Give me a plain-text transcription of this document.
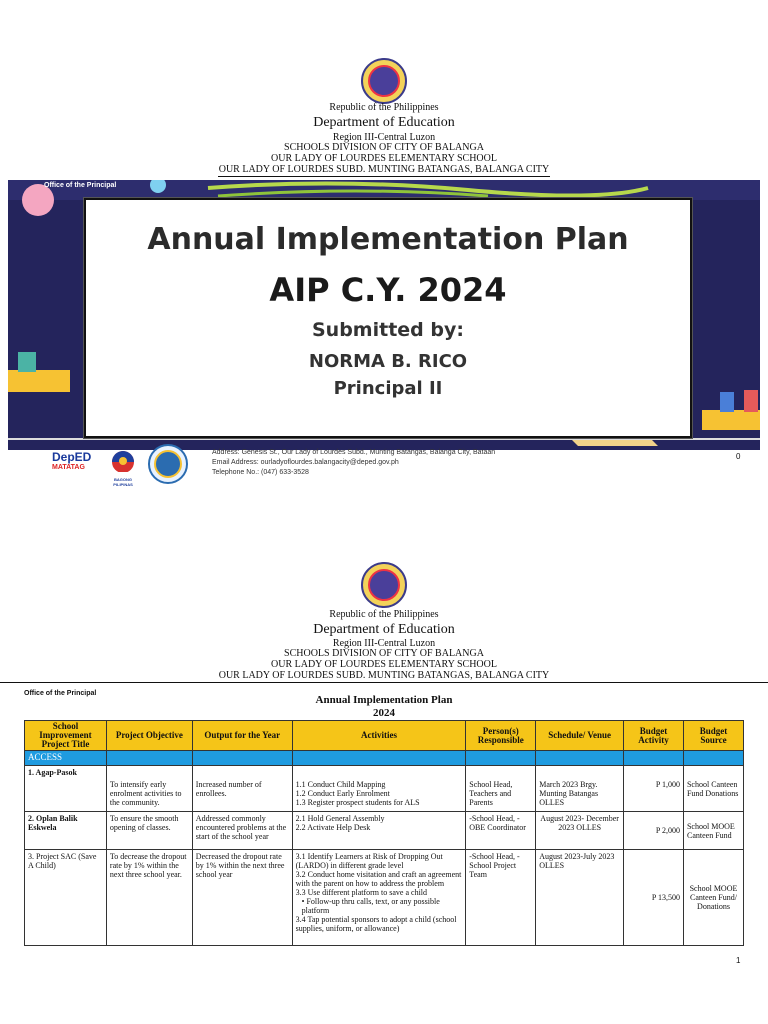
Republic of the Philippines
Department of Education
Region III-Central Luzon
SCHOOLS DIVISION OF CITY OF BALANGA
OUR LADY OF LOURDES ELEMENTARY SCHOOL
OUR LADY OF LOURDES SUBD. MUNTING BATANGAS, BALANGA CITY
Annual Implementation Plan
AIP C.Y. 2024
Submitted by:
NORMA B. RICO
Principal II
Office of the Principal
DepED
MATATAG
BAGONG PILIPINAS
Address: Genesis St., Our Lady of Lourdes Subd., Munting Batangas, Balanga City, Bataan
Email Address: ourladyoflourdes.balangacity@deped.gov.ph
Telephone No.: (047) 633-3528
0
Republic of the Philippines
Department of Education
Region III-Central Luzon
SCHOOLS DIVISION OF CITY OF BALANGA
OUR LADY OF LOURDES ELEMENTARY SCHOOL
OUR LADY OF LOURDES SUBD. MUNTING BATANGAS, BALANGA CITY
Office of the Principal
Annual Implementation Plan
2024
School Improvement Project Title	Project Objective	Output for the Year	Activities	Person(s) Responsible	Schedule/ Venue	Budget Activity	Budget Source
ACCESS							
1. Agap-Pasok	To intensify early enrolment activities to the community.	Increased number of enrollees.	1.1 Conduct Child Mapping
1.2 Conduct Early Enrolment
1.3 Register prospect students for ALS	School Head, Teachers and Parents	March 2023 Brgy. Munting Batangas OLLES	P 1,000	School Canteen Fund Donations

2. Oplan Balik Eskwela	To ensure the smooth opening of classes.	Addressed commonly encountered problems at the start of the school year	2.1 Hold General Assembly
2.2 Activate Help Desk	-School Head, -OBE Coordinator	August 2023- December 2023 OLLES	P 2,000	School MOOE Canteen Fund
3. Project SAC (Save A Child)	To decrease the dropout rate by 1% within the next three school year.	Decreased the dropout rate by 1% within the next three school year	3.1 Identify Learners at Risk of Dropping Out (LARDO) in different grade level
3.2 Conduct home visitation and craft an agreement with the parent on how to address the problem
3.3 Use different platform to save a child
• Follow-up thru calls, text, or any possible platform
3.4 Tap potential sponsors to adopt a child (school supplies, uniform, or allowance)	-School Head, -School Project Team	August 2023-July 2023 OLLES	P 13,500	School MOOE Canteen Fund/ Donations
1
